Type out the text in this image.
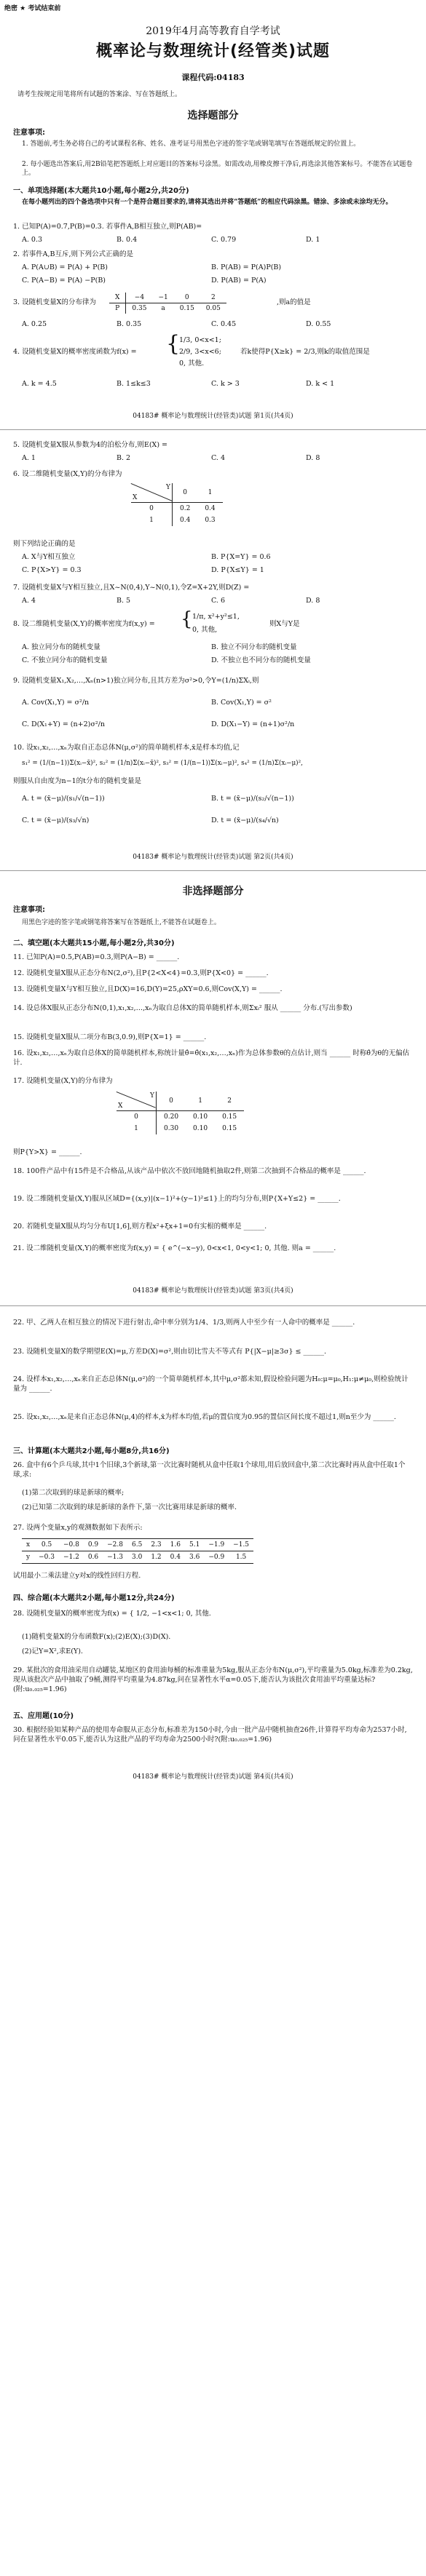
绝密 ★ 考试结束前
2019年4月高等教育自学考试
概率论与数理统计(经管类)试题
课程代码:04183
请考生按规定用笔将所有试题的答案涂、写在答题纸上。
选择题部分
注意事项:
1. 答题前,考生务必将自己的考试课程名称、姓名、准考证号用黑色字迹的签字笔或钢笔填写在答题纸规定的位置上。
2. 每小题选出答案后,用2B铅笔把答题纸上对应题目的答案标号涂黑。如需改动,用橡皮擦干净后,再选涂其他答案标号。不能答在试题卷上。
一、单项选择题(本大题共10小题,每小题2分,共20分)
在每小题列出的四个备选项中只有一个是符合题目要求的,请将其选出并将“答题纸”的相应代码涂黑。错涂、多涂或未涂均无分。
1. 已知P(A)=0.7,P(B)=0.3. 若事件A,B相互独立,则P(AB)=
A. 0.3	B. 0.4	C. 0.79	D. 1
2. 若事件A,B互斥,则下列公式正确的是
A. P(A∪B) = P(A) + P(B)	B. P(AB) = P(A)P(B)
C. P(A−B) = P(A) −P(B)	D. P(AB) = P(A)
3. 设随机变量X的分布律为
X	−4	−1	0	2
P	0.35	a	0.15	0.05
,则a的值是
A. 0.25	B. 0.35	C. 0.45	D. 0.55
4. 设随机变量X的概率密度函数为f(x) = {
1/3, 0<x<1;
2/9, 3<x<6;
0, 其他.
若k使得P{X≥k} = 2/3,则k的取值范围是
A. k = 4.5	B. 1≤k≤3	C. k > 3	D. k < 1
04183# 概率论与数理统计(经管类)试题 第1页(共4页)
5. 设随机变量X服从参数为4的泊松分布,则E(X) =
A. 1	B. 2	C. 4	D. 8
6. 设二维随机变量(X,Y)的分布律为
Y
X	0	1
0	0.2	0.4
1	0.4	0.3
则下列结论正确的是
A. X与Y相互独立	B. P{X=Y} = 0.6
C. P{X>Y} = 0.3	D. P{X≤Y} = 1
7. 设随机变量X与Y相互独立,且X~N(0,4),Y~N(0,1),令Z=X+2Y,则D(Z) =
A. 4	B. 5	C. 6	D. 8
8. 设二维随机变量(X,Y)的概率密度为f(x,y) = { 1/π, x²+y²≤1,
0, 其他,
则X与Y是
A. 独立同分布的随机变量	B. 独立不同分布的随机变量
C. 不独立同分布的随机变量	D. 不独立也不同分布的随机变量
9. 设随机变量X₁,X₂,…,Xₙ(n>1)独立同分布,且其方差为σ²>0,令Y=(1/n)ΣXᵢ,则
A. Cov(X₁,Y) = σ²/n	B. Cov(X₁,Y) = σ²
C. D(X₁+Y) = (n+2)σ²/n	D. D(X₁−Y) = (n+1)σ²/n
10. 设x₁,x₂,…,xₙ为取自正态总体N(μ,σ²)的简单随机样本,x̄是样本均值,记
s₁² = (1/(n−1))Σ(xᵢ−x̄)², s₂² = (1/n)Σ(xᵢ−x̄)², s₃² = (1/(n−1))Σ(xᵢ−μ)², s₄² = (1/n)Σ(xᵢ−μ)²,
则服从自由度为n−1的t分布的随机变量是
A. t = (x̄−μ)/(s₁/√(n−1))	B. t = (x̄−μ)/(s₂/√(n−1))
C. t = (x̄−μ)/(s₃/√n)	D. t = (x̄−μ)/(s₄/√n)
04183# 概率论与数理统计(经管类)试题 第2页(共4页)
非选择题部分
注意事项:
用黑色字迹的签字笔或钢笔将答案写在答题纸上,不能答在试题卷上。
二、填空题(本大题共15小题,每小题2分,共30分)
11. 已知P(A)=0.5,P(AB)=0.3,则P(A−B) = ______.
12. 设随机变量X服从正态分布N(2,σ²),且P{2<X<4}=0.3,则P{X<0} = ______.
13. 设随机变量X与Y相互独立,且D(X)=16,D(Y)=25,ρXY=0.6,则Cov(X,Y) = ______.
14. 设总体X服从正态分布N(0,1),x₁,x₂,…,xₙ为取自总体X的简单随机样本,则Σxᵢ² 服从 ______ 分布.(写出参数)
15. 设随机变量X服从二项分布B(3,0.9),则P{X=1} = ______.
16. 设x₁,x₂,…,xₙ为取自总体X的简单随机样本,称统计量θ̂=θ̂(x₁,x₂,…,xₙ)作为总体参数θ的点估计,则当 ______ 时称θ̂为θ的无偏估计.
17. 设随机变量(X,Y)的分布律为
Y
X	0	1	2
0	0.20	0.10	0.15
1	0.30	0.10	0.15
则P{Y>X} = ______.
18. 100件产品中有15件是不合格品,从该产品中依次不放回地随机抽取2件,则第二次抽到不合格品的概率是 ______.
19. 设二维随机变量(X,Y)服从区域D={(x,y)|(x−1)²+(y−1)²≤1}上的均匀分布,则P{X+Y≤2} = ______.
20. 若随机变量X服从均匀分布U[1,6],则方程x²+ξx+1=0有实根的概率是 ______.
21. 设二维随机变量(X,Y)的概率密度为f(x,y) = { e^(−x−y), 0<x<1, 0<y<1; 0, 其他. 则a = ______.
04183# 概率论与数理统计(经管类)试题 第3页(共4页)
22. 甲、乙两人在相互独立的情况下进行射击,命中率分别为1/4、1/3,则两人中至少有一人命中的概率是 ______.
23. 设随机变量X的数学期望E(X)=μ,方差D(X)=σ²,则由切比雪夫不等式有 P{|X−μ|≥3σ} ≤ ______.
24. 设样本x₁,x₂,…,xₙ来自正态总体N(μ,σ²)的一个简单随机样本,其中μ,σ²都未知,假设检验问题为H₀:μ=μ₀,H₁:μ≠μ₀,则检验统计量为 ______.
25. 设x₁,x₂,…,xₙ是来自正态总体N(μ,4)的样本,x̄为样本均值,若μ的置信度为0.95的置信区间长度不超过1,则n至少为 ______.
三、计算题(本大题共2小题,每小题8分,共16分)
26. 盒中有6个乒乓球,其中1个旧球,3个新球,第一次比赛时随机从盒中任取1个球用,用后放回盒中,第二次比赛时再从盒中任取1个球,求:
(1)第二次取到的球是新球的概率;
(2)已知第二次取到的球是新球的条件下,第一次比赛用球是新球的概率.
27. 设两个变量x,y的观测数据如下表所示:
x	0.5	−0.8	0.9	−2.8	6.5	2.3	1.6	5.1	−1.9	−1.5
y	−0.3	−1.2	0.6	−1.3	3.0	1.2	0.4	3.6	−0.9	1.5
试用最小二乘法建立y对x的线性回归方程.
四、综合题(本大题共2小题,每小题12分,共24分)
28. 设随机变量X的概率密度为f(x) = { 1/2, −1<x<1; 0, 其他.
(1)随机变量X的分布函数F(x);(2)E(X);(3)D(X).
(2)记Y=X²,求E(Y).
29. 某批次的食用油采用自动罐装,某地区的食用油每桶的标准重量为5kg,服从正态分布N(μ,σ²),平均重量为5.0kg,标准差为0.2kg,现从该批次产品中抽取了9桶,测得平均重量为4.87kg,问在显著性水平α=0.05下,能否认为该批次食用油平均重量达标?(附:u₀.₀₂₅=1.96)
五、应用题(10分)
30. 根据经验知某种产品的使用寿命服从正态分布,标准差为150小时,今由一批产品中随机抽查26件,计算得平均寿命为2537小时,问在显著性水平0.05下,能否认为这批产品的平均寿命为2500小时?(附:u₀.₀₂₅=1.96)
04183# 概率论与数理统计(经管类)试题 第4页(共4页)
